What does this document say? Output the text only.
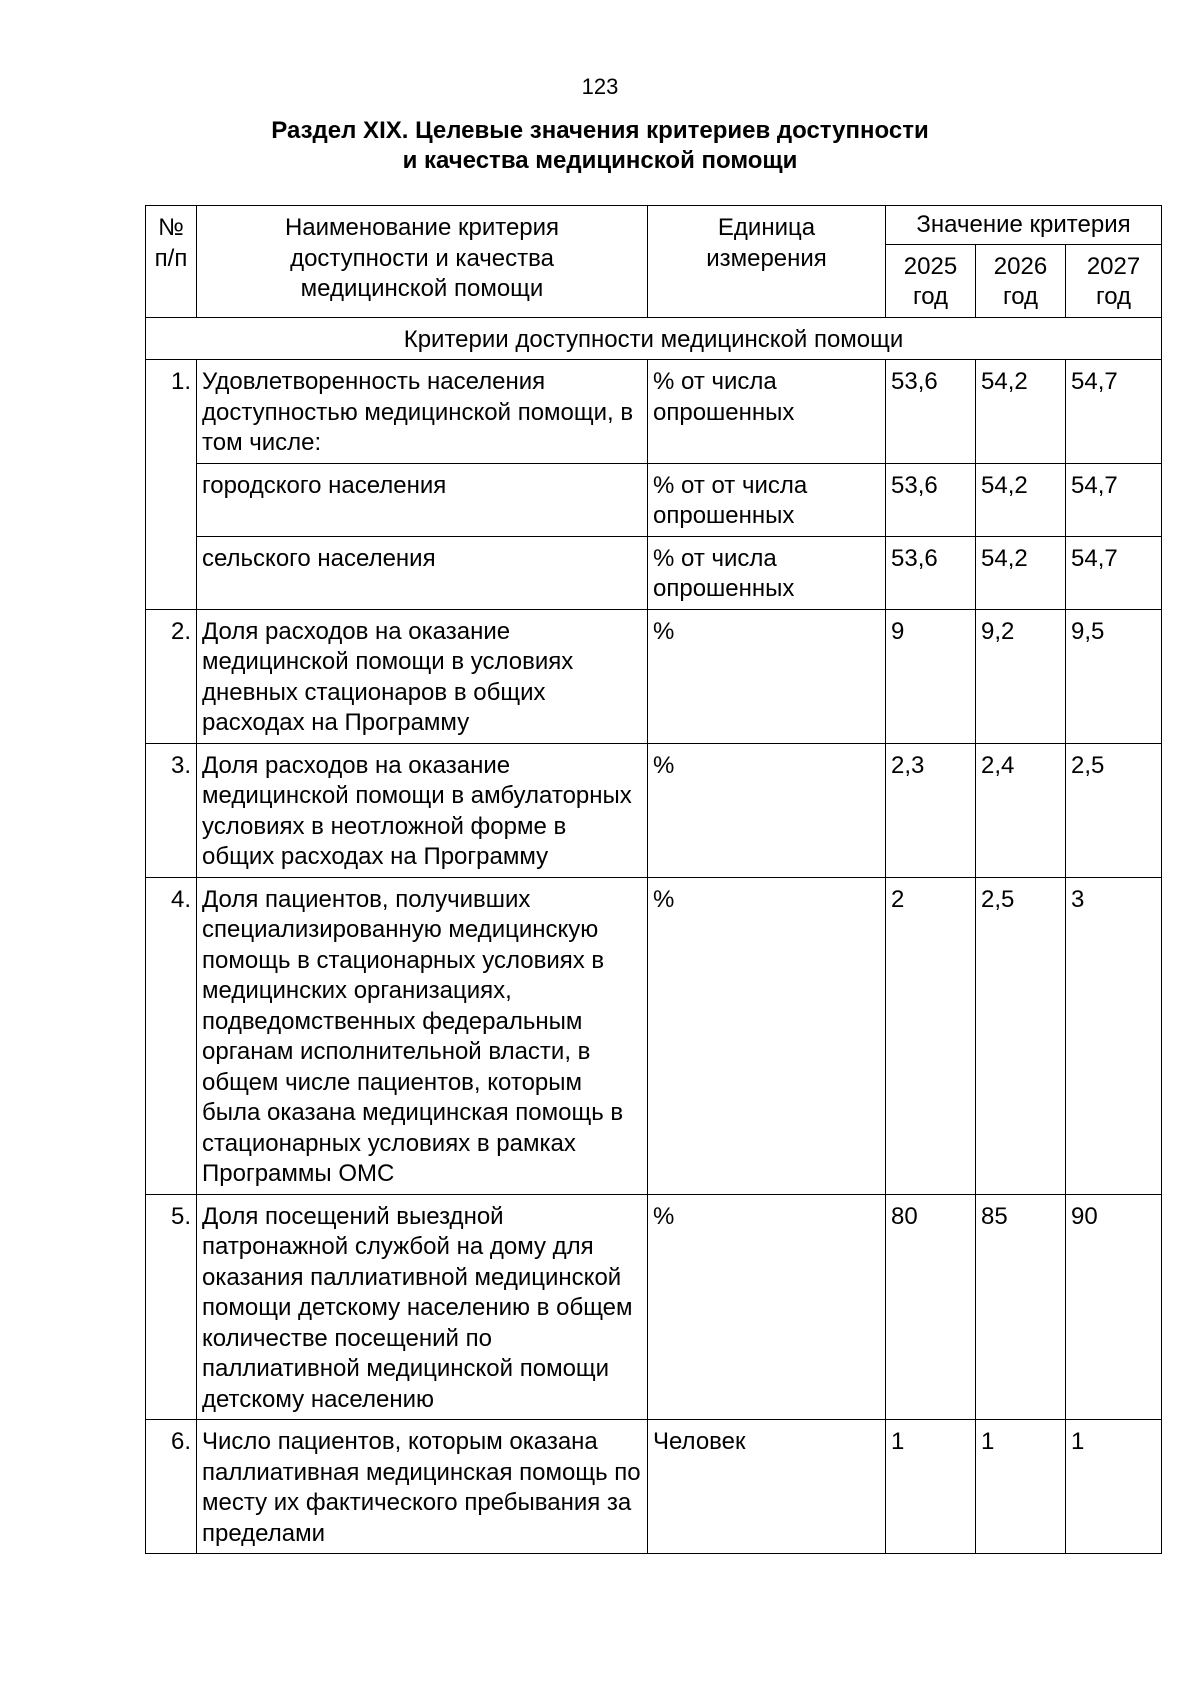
123
Раздел XIX. Целевые значения критериев доступности
и качества медицинской помощи
№ п/п	Наименование критерия доступности и качества медицинской помощи	Единица измерения	Значение критерия		
			2025 год	2026 год	2027 год
Критерии доступности медицинской помощи					
1.	Удовлетворенность населения доступностью медицинской помощи, в том числе:	% от числа опрошенных	53,6	54,2	54,7
	городского населения	% от от числа опрошенных	53,6	54,2	54,7
	сельского населения	% от числа опрошенных	53,6	54,2	54,7
2.	Доля расходов на оказание медицинской помощи в условиях дневных стационаров в общих расходах на Программу	%	9	9,2	9,5
3.	Доля расходов на оказание медицинской помощи в амбулаторных условиях в неотложной форме в общих расходах на Программу	%	2,3	2,4	2,5
4.	Доля пациентов, получивших специализированную медицинскую помощь в стационарных условиях в медицинских организациях, подведомственных федеральным органам исполнительной власти, в общем числе пациентов, которым была оказана медицинская помощь в стационарных условиях в рамках Программы ОМС	%	2	2,5	3
5.	Доля посещений выездной патронажной службой на дому для оказания паллиативной медицинской помощи детскому населению в общем количестве посещений по паллиативной медицинской помощи детскому населению	%	80	85	90
6.	Число пациентов, которым оказана паллиативная медицинская помощь по месту их фактического пребывания за пределами	Человек	1	1	1
